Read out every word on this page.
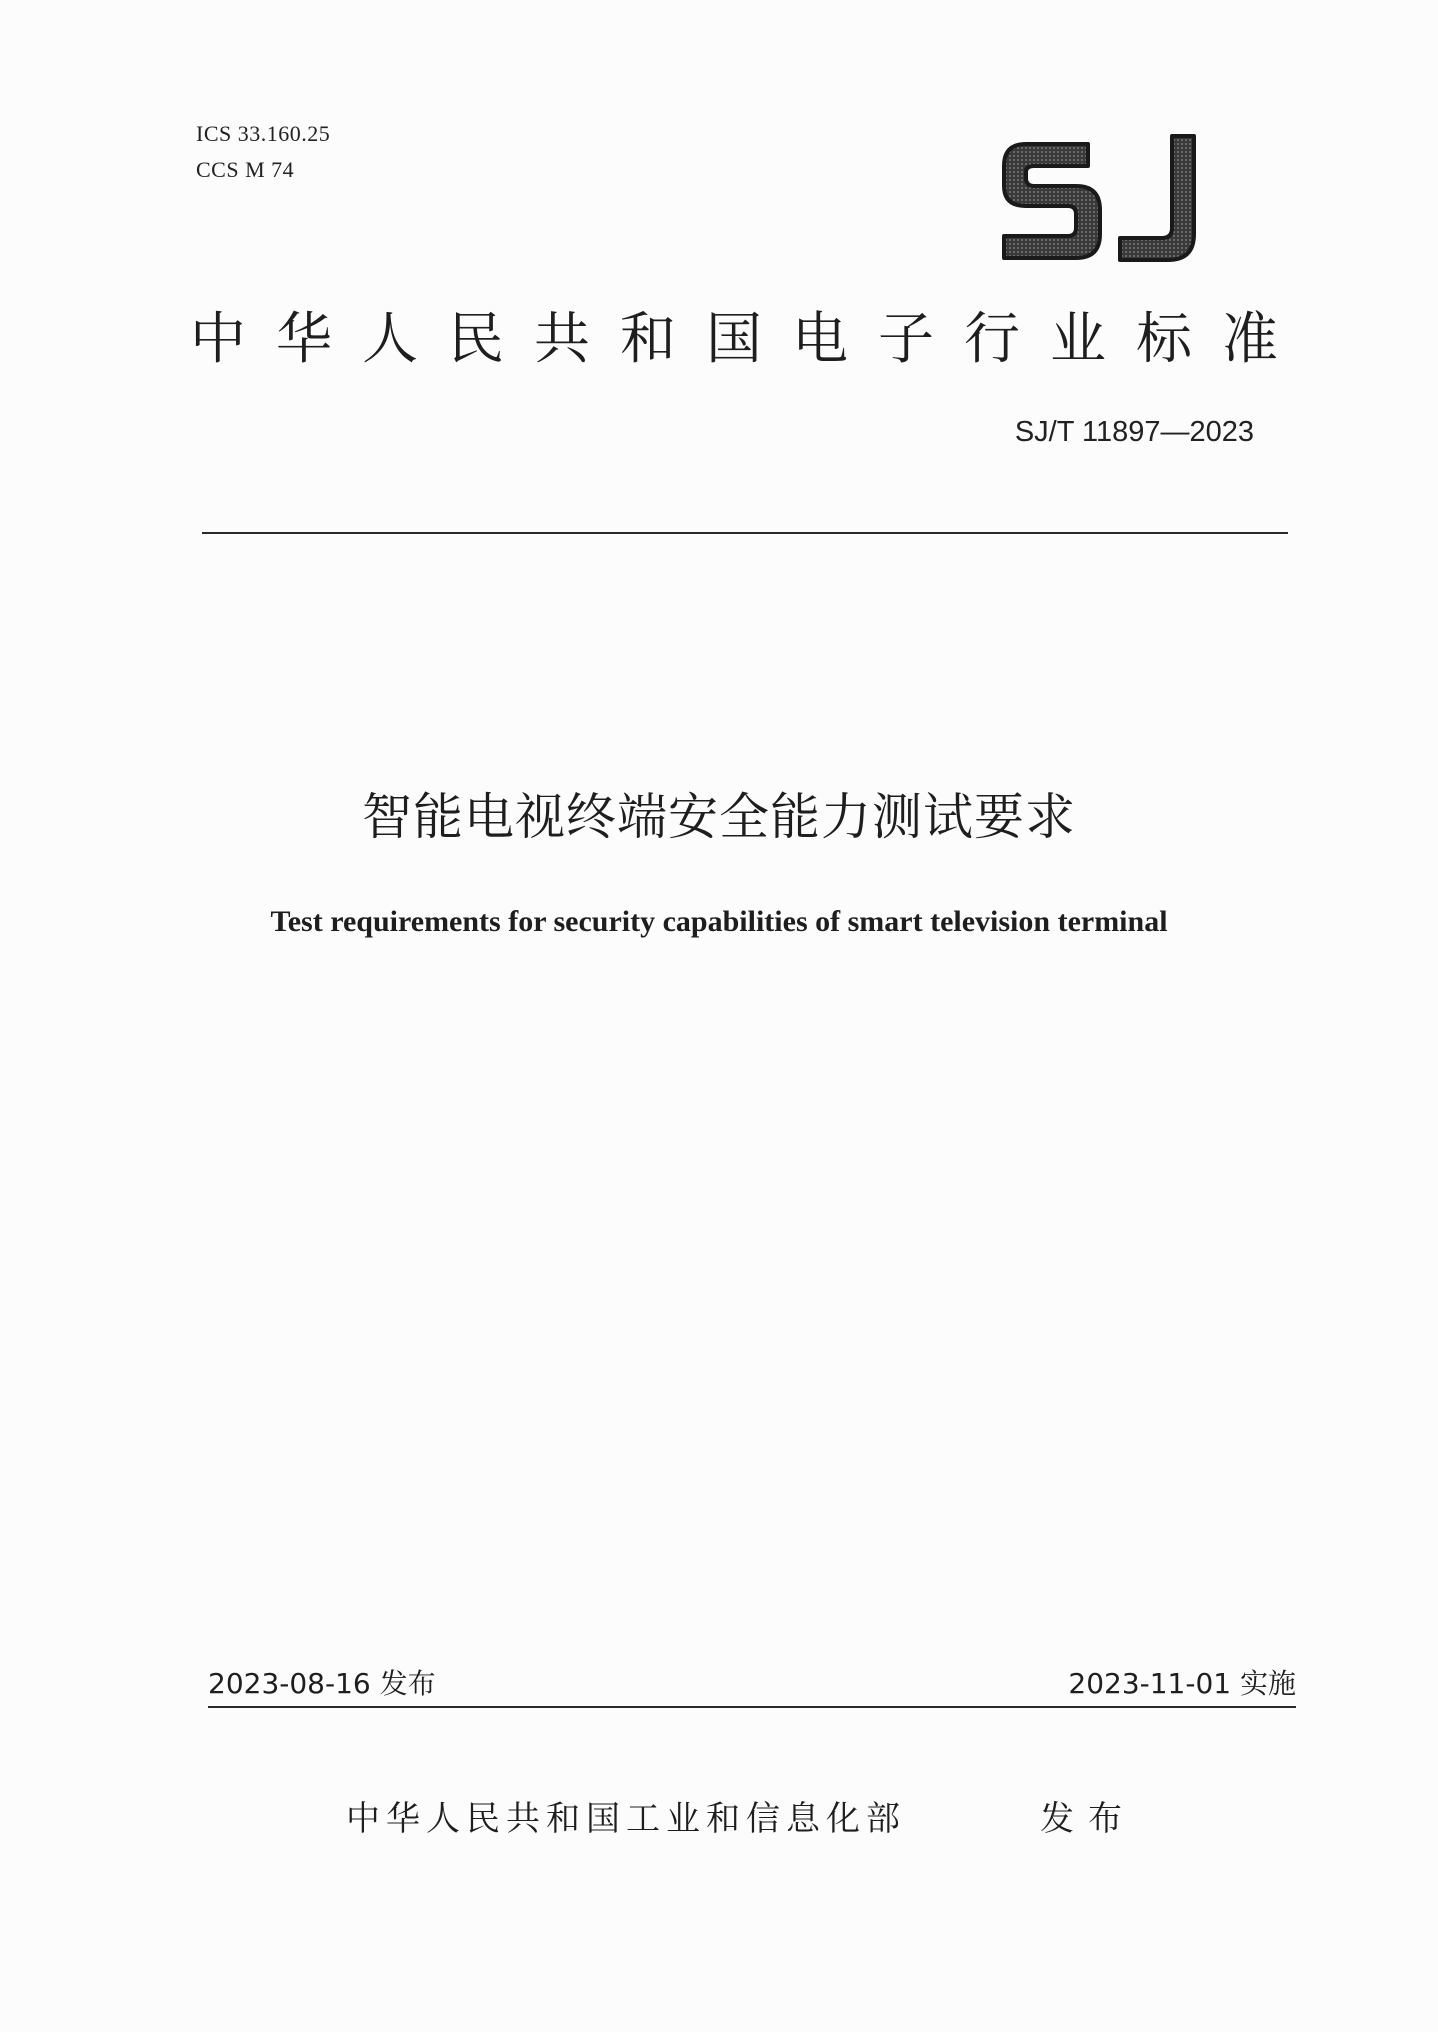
ICS 33.160.25
CCS M 74
中华人民共和国电子行业标准
SJ/T 11897—2023
智能电视终端安全能力测试要求
Test requirements for security capabilities of smart television terminal
2023-08-16 发布	2023-11-01 实施
中华人民共和国工业和信息化部	发布
